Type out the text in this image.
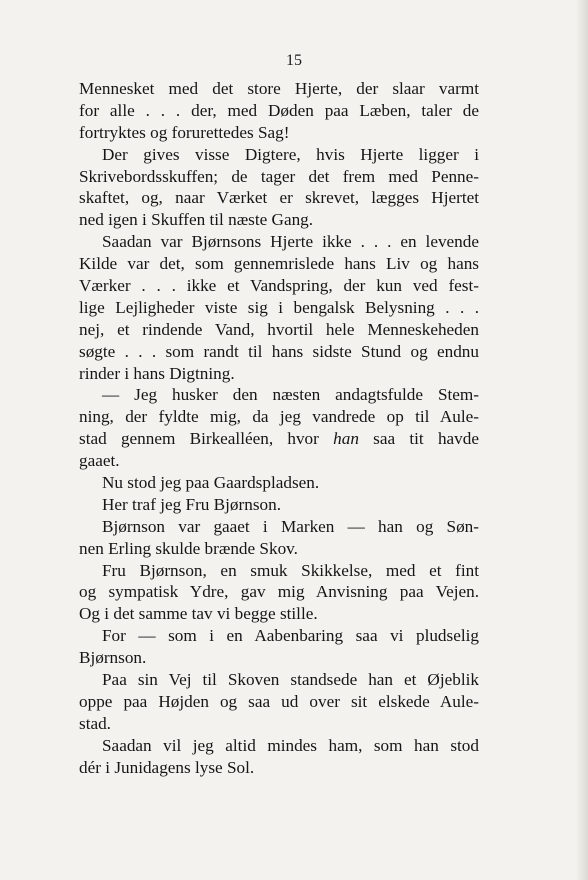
15
Mennesket med det store Hjerte, der slaar varmt
for alle . . . der, med Døden paa Læben, taler de
fortryktes og forurettedes Sag!
Der gives visse Digtere, hvis Hjerte ligger i
Skrivebordsskuffen; de tager det frem med Penne-
skaftet, og, naar Værket er skrevet, lægges Hjertet
ned igen i Skuffen til næste Gang.
Saadan var Bjørnsons Hjerte ikke . . . en levende
Kilde var det, som gennemrislede hans Liv og hans
Værker . . . ikke et Vandspring, der kun ved fest-
lige Lejligheder viste sig i bengalsk Belysning . . .
nej, et rindende Vand, hvortil hele Menneskeheden
søgte . . . som randt til hans sidste Stund og endnu
rinder i hans Digtning.
— Jeg husker den næsten andagtsfulde Stem-
ning, der fyldte mig, da jeg vandrede op til Aule-
stad gennem Birkealléen, hvor han saa tit havde
gaaet.
Nu stod jeg paa Gaardspladsen.
Her traf jeg Fru Bjørnson.
Bjørnson var gaaet i Marken — han og Søn-
nen Erling skulde brænde Skov.
Fru Bjørnson, en smuk Skikkelse, med et fint
og sympatisk Ydre, gav mig Anvisning paa Vejen.
Og i det samme tav vi begge stille.
For — som i en Aabenbaring saa vi pludselig
Bjørnson.
Paa sin Vej til Skoven standsede han et Øjeblik
oppe paa Højden og saa ud over sit elskede Aule-
stad.
Saadan vil jeg altid mindes ham, som han stod
dér i Junidagens lyse Sol.
